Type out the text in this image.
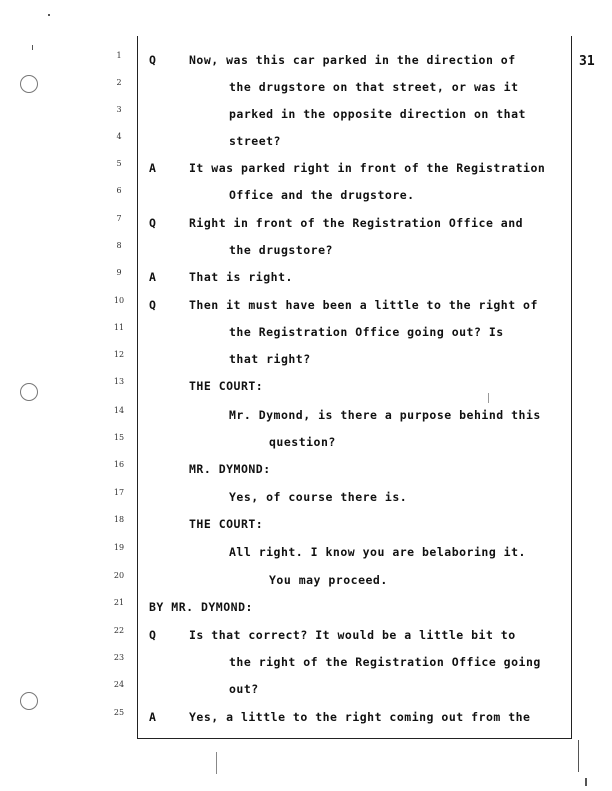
31
1
2
3
4
5
6
7
8
9
10
11
12
13
14
15
16
17
18
19
20
21
22
23
24
25
Q
A
Q
A
Q
Q
A
Now, was this car parked in the direction of
the drugstore on that street, or was it
parked in the opposite direction on that
street?
It was parked right in front of the Registration
Office and the drugstore.
Right in front of the Registration Office and
the drugstore?
That is right.
Then it must have been a little to the right of
the Registration Office going out? Is
that right?
THE COURT:
Mr. Dymond, is there a purpose behind this
question?
MR. DYMOND:
Yes, of course there is.
THE COURT:
All right. I know you are belaboring it.
You may proceed.
BY MR. DYMOND:
Is that correct? It would be a little bit to
the right of the Registration Office going
out?
Yes, a little to the right coming out from the
